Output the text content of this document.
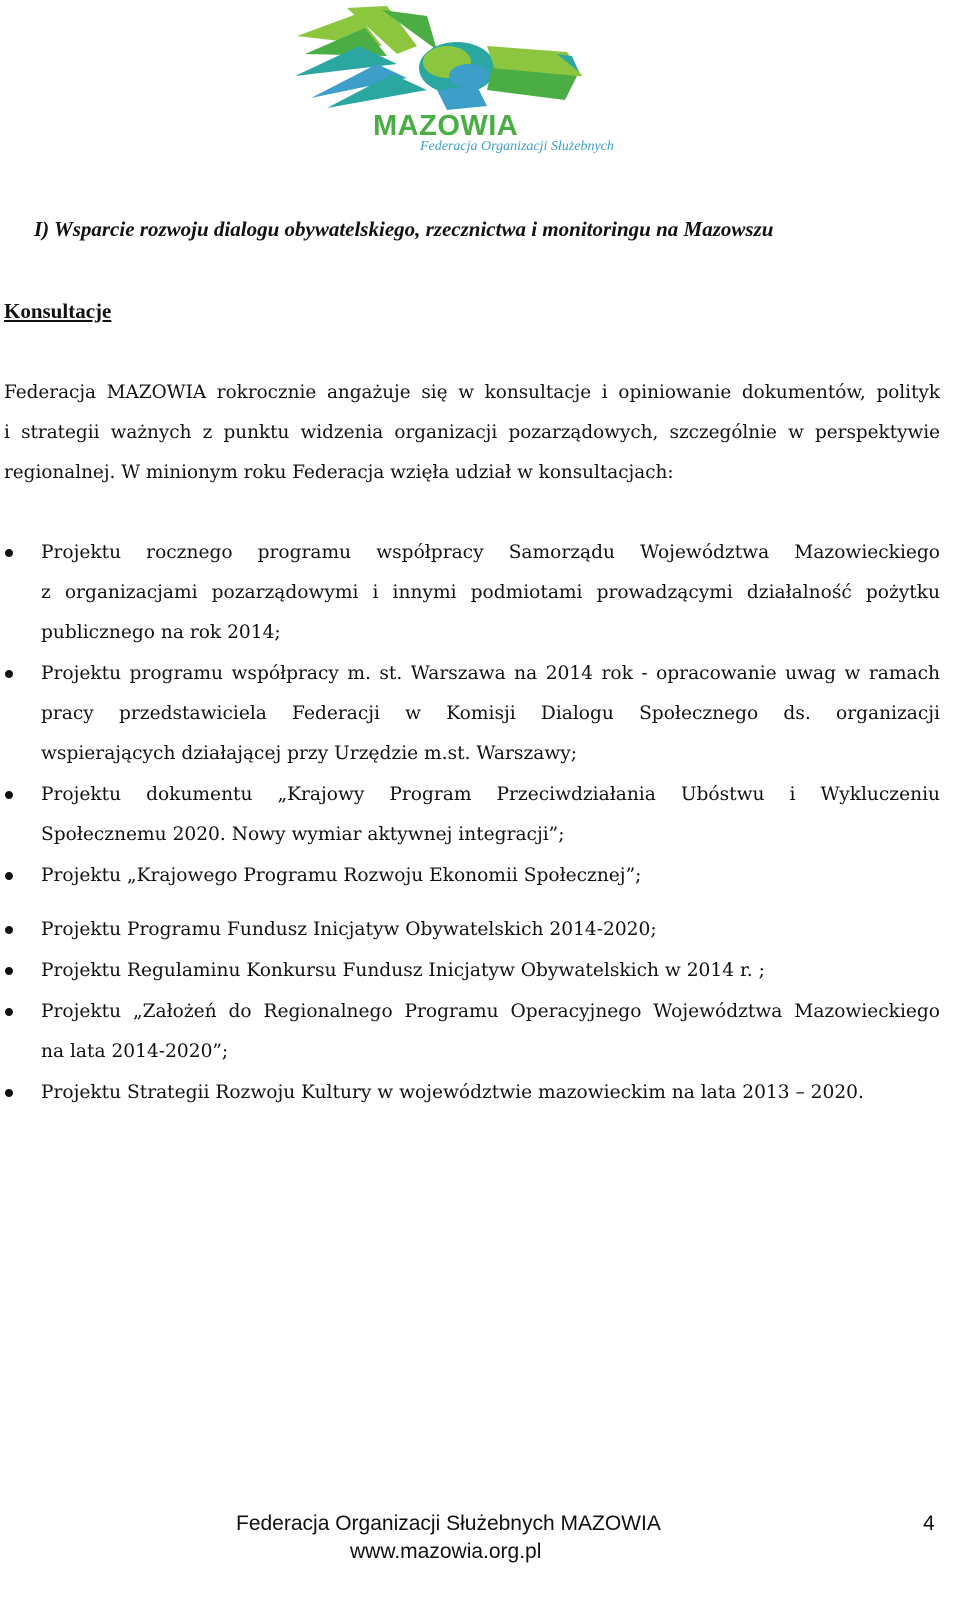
MAZOWIA
Federacja Organizacji Służebnych
I) Wsparcie rozwoju dialogu obywatelskiego, rzecznictwa i monitoringu na Mazowszu
Konsultacje
Federacja MAZOWIA rokrocznie angażuje się w konsultacje i opiniowanie dokumentów, polityk
i strategii ważnych z punktu widzenia organizacji pozarządowych, szczególnie w perspektywie
regionalnej. W minionym roku Federacja wzięła udział w konsultacjach:
Projektu rocznego programu współpracy Samorządu Województwa Mazowieckiego
z organizacjami pozarządowymi i innymi podmiotami prowadzącymi działalność pożytku
publicznego na rok 2014;
Projektu programu współpracy m. st. Warszawa na 2014 rok - opracowanie uwag w ramach
pracy przedstawiciela Federacji w Komisji Dialogu Społecznego ds. organizacji
wspierających działającej przy Urzędzie m.st. Warszawy;
Projektu dokumentu „Krajowy Program Przeciwdziałania Ubóstwu i Wykluczeniu
Społecznemu 2020. Nowy wymiar aktywnej integracji”;
Projektu „Krajowego Programu Rozwoju Ekonomii Społecznej”;
Projektu Programu Fundusz Inicjatyw Obywatelskich 2014-2020;
Projektu Regulaminu Konkursu Fundusz Inicjatyw Obywatelskich w 2014 r. ;
Projektu „Założeń do Regionalnego Programu Operacyjnego Województwa Mazowieckiego
na lata 2014-2020”;
Projektu Strategii Rozwoju Kultury w województwie mazowieckim na lata 2013 – 2020.
Federacja Organizacji Służebnych MAZOWIA
www.mazowia.org.pl
4
